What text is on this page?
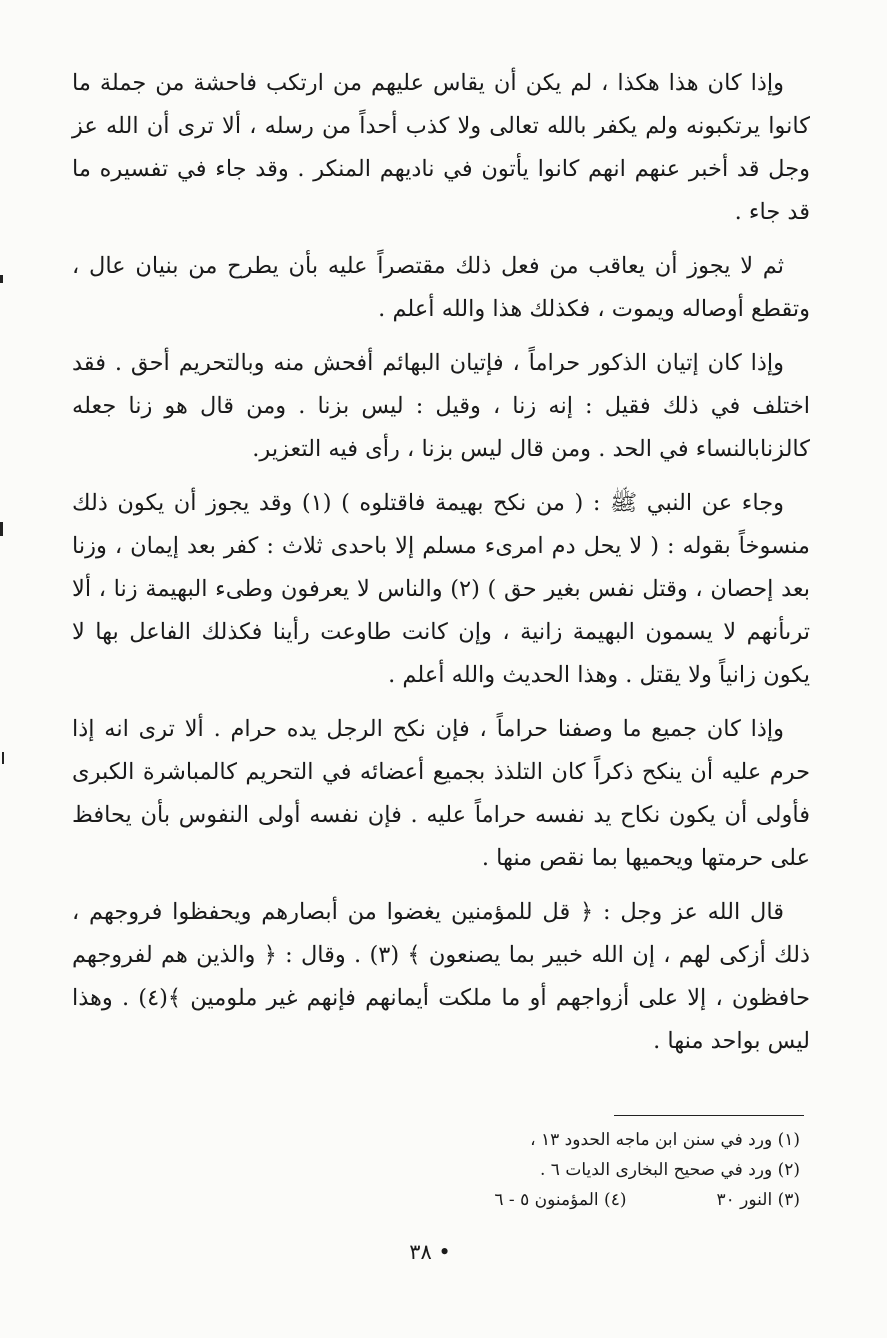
وإذا كان هذا هكذا ، لم يكن أن يقاس عليهم من ارتكب فاحشة من جملة ما كانوا يرتكبونه ولم يكفر بالله تعالى ولا كذب أحداً من رسله ، ألا ترى أن الله عز وجل قد أخبر عنهم انهم كانوا يأتون في ناديهم المنكر . وقد جاء في تفسيره ما قد جاء .

ثم لا يجوز أن يعاقب من فعل ذلك مقتصراً عليه بأن يطرح من بنيان عال ، وتقطع أوصاله ويموت ، فكذلك هذا والله أعلم .

وإذا كان إتيان الذكور حراماً ، فإتيان البهائم أفحش منه وبالتحريم أحق . فقد اختلف في ذلك فقيل : إنه زنا ، وقيل : ليس بزنا . ومن قال هو زنا جعله كالزنابالنساء في الحد . ومن قال ليس بزنا ، رأى فيه التعزير.

وجاء عن النبي ﷺ : ( من نكح بهيمة فاقتلوه ) (١) وقد يجوز أن يكون ذلك منسوخاً بقوله : ( لا يحل دم امرىء مسلم إلا باحدى ثلاث : كفر بعد إيمان ، وزنا بعد إحصان ، وقتل نفس بغير حق ) (٢) والناس لا يعرفون وطىء البهيمة زنا ، ألا ترىأنهم لا يسمون البهيمة زانية ، وإن كانت طاوعت رأينا فكذلك الفاعل بها لا يكون زانياً ولا يقتل . وهذا الحديث والله أعلم .

وإذا كان جميع ما وصفنا حراماً ، فإن نكح الرجل يده حرام . ألا ترى انه إذا حرم عليه أن ينكح ذكراً كان التلذذ بجميع أعضائه في التحريم كالمباشرة الكبرى فأولى أن يكون نكاح يد نفسه حراماً عليه . فإن نفسه أولى النفوس بأن يحافظ على حرمتها ويحميها بما نقص منها .

قال الله عز وجل : ﴿ قل للمؤمنين يغضوا من أبصارهم ويحفظوا فروجهم ، ذلك أزكى لهم ، إن الله خبير بما يصنعون ﴾ (٣) . وقال : ﴿ والذين هم لفروجهم حافظون ، إلا على أزواجهم أو ما ملكت أيمانهم فإنهم غير ملومين ﴾(٤) . وهذا ليس بواحد منها .

(١) ورد في سنن ابن ماجه الحدود ١٣ ،
(٢) ورد في صحيح البخارى الديات ٦ .
(٣) النور ٣٠
(٤) المؤمنون ٥ - ٦
• ٣٨
